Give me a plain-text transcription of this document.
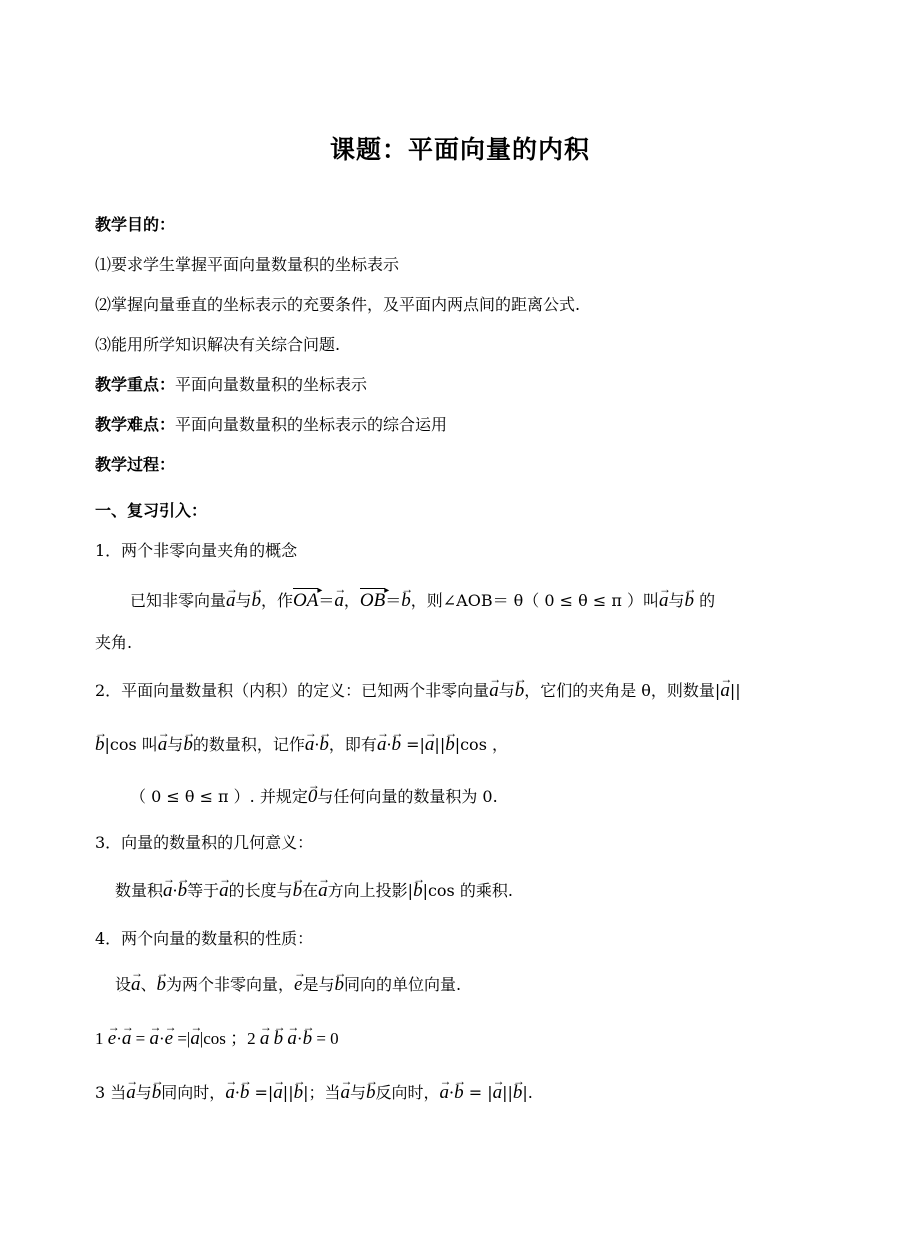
课题：平面向量的内积
教学目的：
⑴要求学生掌握平面向量数量积的坐标表示
⑵掌握向量垂直的坐标表示的充要条件，及平面内两点间的距离公式.
⑶能用所学知识解决有关综合问题.
教学重点：平面向量数量积的坐标表示
教学难点：平面向量数量积的坐标表示的综合运用
教学过程：
一、复习引入：
1．两个非零向量夹角的概念
已知非零向量→ a与→ b，作OA ▸＝→ a，OB ▸＝→ b，则∠AOB＝ θ（ 0 ≤ θ ≤ π ）叫→ a与→ b 的
夹角.
2．平面向量数量积（内积）的定义：已知两个非零向量→ a与→ b，它们的夹角是 θ，则数量|→ a||
→ b|cos 叫→ a与→ b的数量积，记作→ a·→ b，即有→ a·→ b =|→ a||→ b|cos ，
（ 0 ≤ θ ≤ π ）. 并规定→ 0与任何向量的数量积为 0.
3．向量的数量积的几何意义：
数量积→ a·→ b等于→ a的长度与→ b在→ a方向上投影|→ b|cos 的乘积.
4．两个向量的数量积的性质：
设→ a、→ b为两个非零向量，→ e是与→ b同向的单位向量.
1 → e·→ a = → a·→ e =|→ a|cos ；2 → a → b → a·→ b = 0
3 当→ a与→ b同向时，→ a·→ b =|→ a||→ b|；当→ a与→ b反向时，→ a·→ b = |→ a||→ b|.
